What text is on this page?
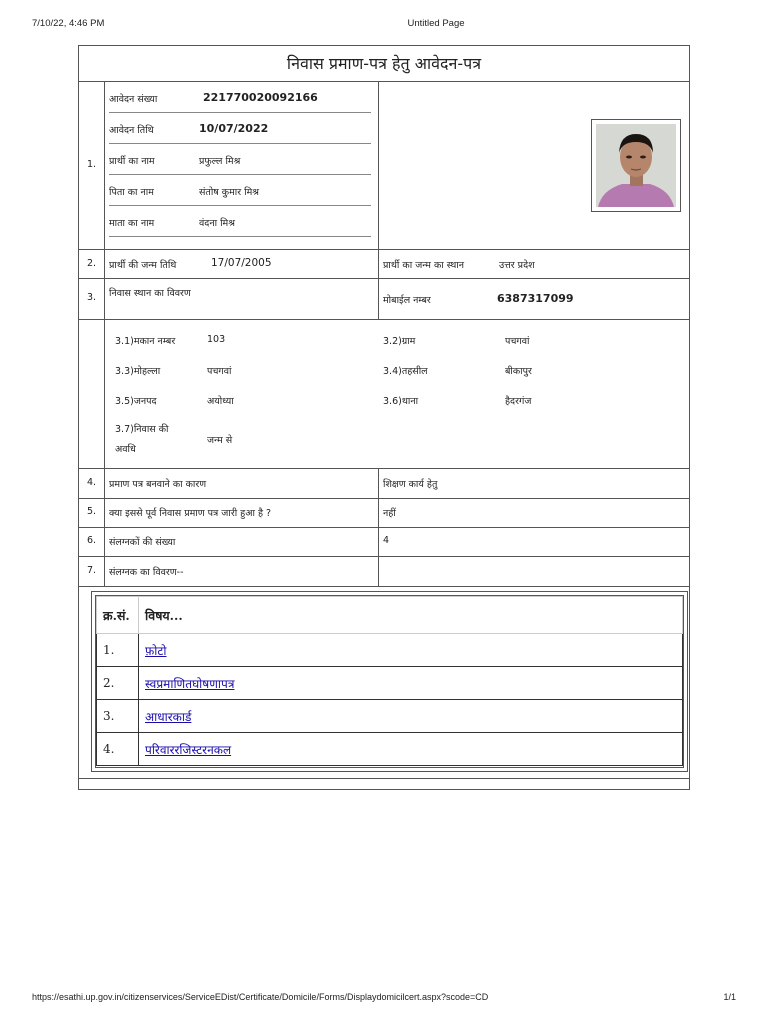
7/10/22, 4:46 PM	Untitled Page
निवास प्रमाण-पत्र हेतु आवेदन-पत्र
1.
आवेदन संख्या	221770020092166
आवेदन तिथि	10/07/2022
प्रार्थी का नाम	प्रफुल्ल मिश्र
पिता का नाम	संतोष कुमार मिश्र
माता का नाम	वंदना मिश्र
2. प्रार्थी की जन्म तिथि	17/07/2005	प्रार्थी का जन्म का स्थान	उत्तर प्रदेश
3. निवास स्थान का विवरण
मोबाईल नम्बर	6387317099
3.1)मकान नम्बर	103	3.2)ग्राम	पचगवां
3.3)मोहल्ला	पचगवां	3.4)तहसील	बीकापुर
3.5)जनपद	अयोध्या	3.6)थाना	हैदरगंज
3.7)निवास की
अवधि
जन्म से
4. प्रमाण पत्र बनवाने का कारण	शिक्षण कार्य हेतु
5. क्या इससे पूर्व निवास प्रमाण पत्र जारी हुआ है ?	नहीं
6. संलग्नकों की संख्या	4
7. संलग्नक का विवरण--
क्र.सं.	विषय...
1.	फ़ोटो
2.	स्वप्रमाणितघोषणापत्र
3.	आधारकार्ड
4.	परिवाररजिस्टरनकल
https://esathi.up.gov.in/citizenservices/ServiceEDist/Certificate/Domicile/Forms/Displaydomicilcert.aspx?scode=CD	1/1
